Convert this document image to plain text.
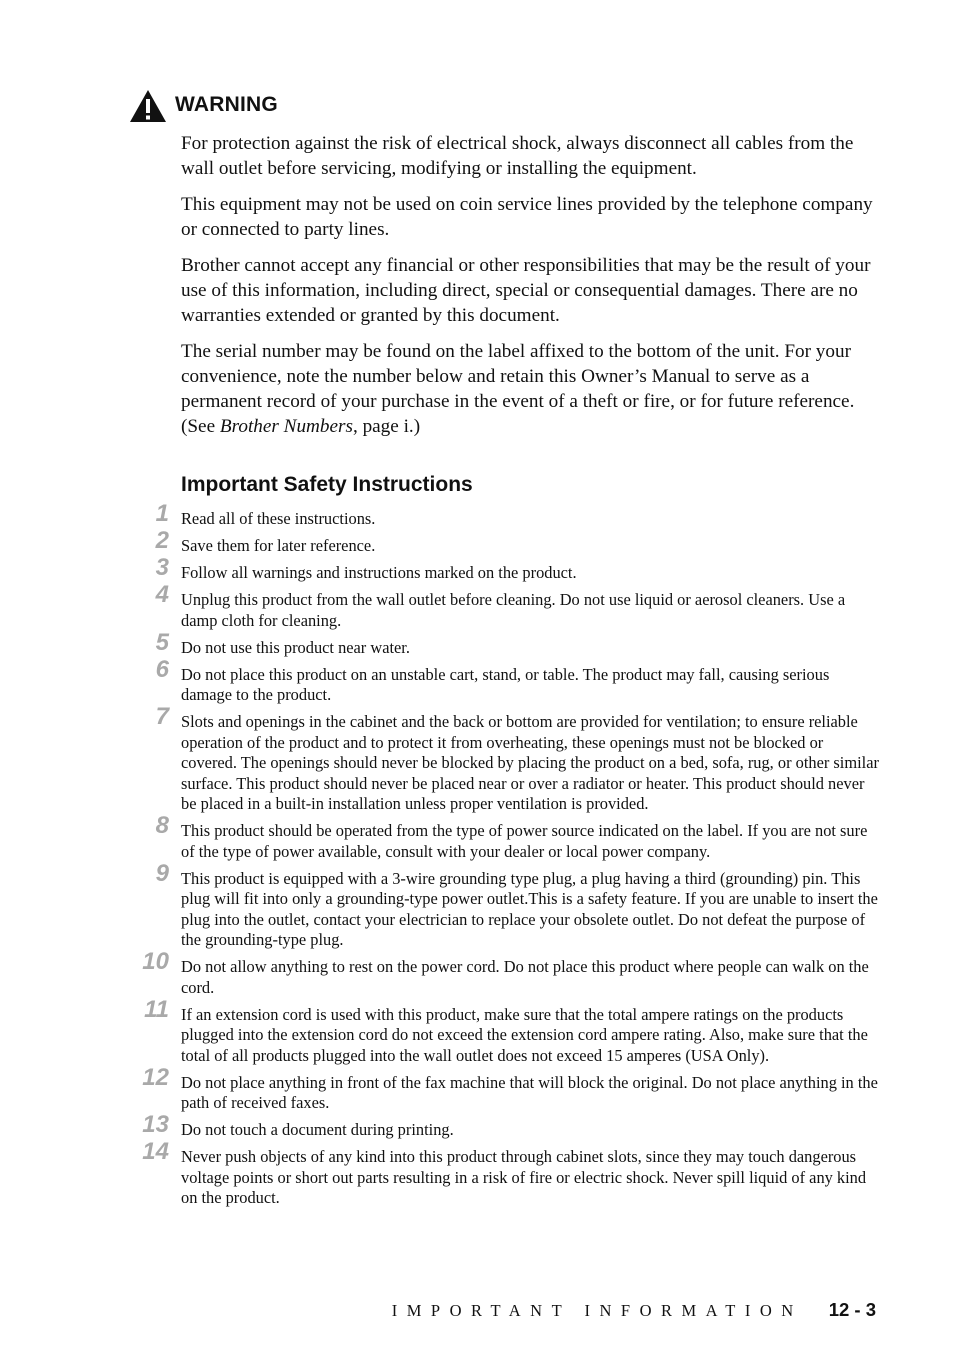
WARNING

For protection against the risk of electrical shock, always disconnect all cables from the wall outlet before servicing, modifying or installing the equipment.

This equipment may not be used on coin service lines provided by the telephone company or connected to party lines.

Brother cannot accept any financial or other responsibilities that may be the result of your use of this information, including direct, special or consequential damages. There are no warranties extended or granted by this document.

The serial number may be found on the label affixed to the bottom of the unit. For your convenience, note the number below and retain this Owner’s Manual to serve as a permanent record of your purchase in the event of a theft or fire, or for future reference. (See Brother Numbers, page i.)

Important Safety Instructions
1 Read all of these instructions.
2 Save them for later reference.
3 Follow all warnings and instructions marked on the product.
4 Unplug this product from the wall outlet before cleaning. Do not use liquid or aerosol cleaners. Use a damp cloth for cleaning.
5 Do not use this product near water.
6 Do not place this product on an unstable cart, stand, or table. The product may fall, causing serious damage to the product.
7 Slots and openings in the cabinet and the back or bottom are provided for ventilation; to ensure reliable operation of the product and to protect it from overheating, these openings must not be blocked or covered. The openings should never be blocked by placing the product on a bed, sofa, rug, or other similar surface. This product should never be placed near or over a radiator or heater. This product should never be placed in a built-in installation unless proper ventilation is provided.
8 This product should be operated from the type of power source indicated on the label. If you are not sure of the type of power available, consult with your dealer or local power company.
9 This product is equipped with a 3-wire grounding type plug, a plug having a third (grounding) pin. This plug will fit into only a grounding-type power outlet.This is a safety feature. If you are unable to insert the plug into the outlet, contact your electrician to replace your obsolete outlet. Do not defeat the purpose of the grounding-type plug.
10 Do not allow anything to rest on the power cord. Do not place this product where people can walk on the cord.
11 If an extension cord is used with this product, make sure that the total ampere ratings on the products plugged into the extension cord do not exceed the extension cord ampere rating. Also, make sure that the total of all products plugged into the wall outlet does not exceed 15 amperes (USA Only).
12 Do not place anything in front of the fax machine that will block the original. Do not place anything in the path of received faxes.
13 Do not touch a document during printing.
14 Never push objects of any kind into this product through cabinet slots, since they may touch dangerous voltage points or short out parts resulting in a risk of fire or electric shock. Never spill liquid of any kind on the product.
IMPORTANT INFORMATION 12 - 3
